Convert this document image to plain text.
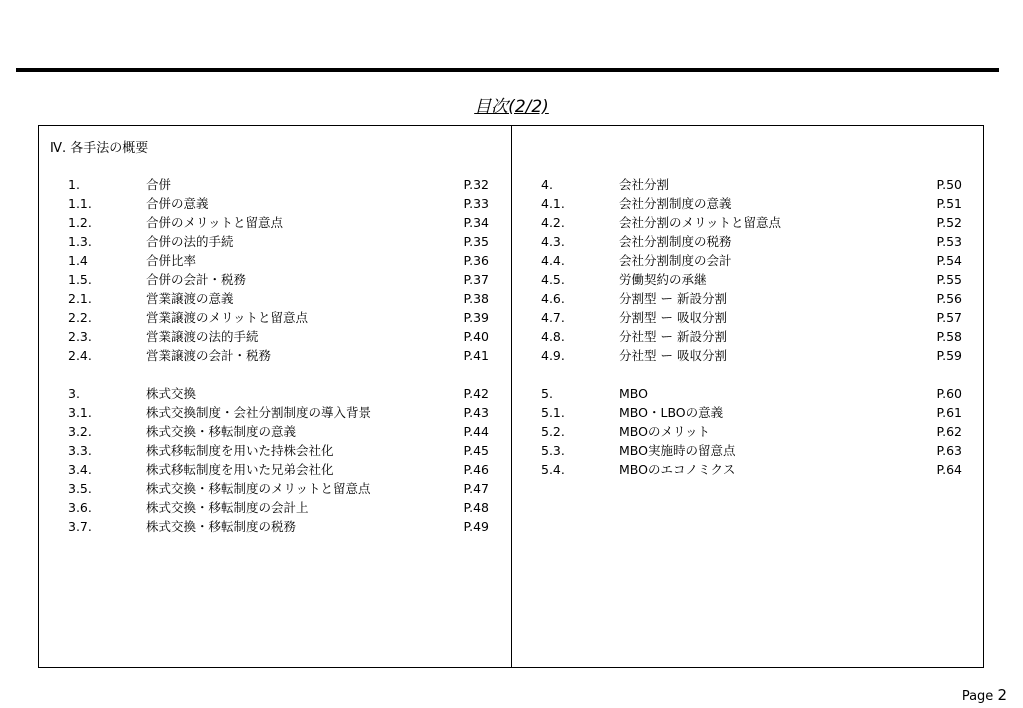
目次(2/2)
Ⅳ. 各手法の概要
1.	合併	P.32
1.1.	合併の意義	P.33
1.2.	合併のメリットと留意点	P.34
1.3.	合併の法的手続	P.35
1.4	合併比率	P.36
1.5.	合併の会計・税務	P.37
2.1.	営業譲渡の意義	P.38
2.2.	営業譲渡のメリットと留意点	P.39
2.3.	営業譲渡の法的手続	P.40
2.4.	営業譲渡の会計・税務	P.41
3.	株式交換	P.42
3.1.	株式交換制度・会社分割制度の導入背景	P.43
3.2.	株式交換・移転制度の意義	P.44
3.3.	株式移転制度を用いた持株会社化	P.45
3.4.	株式移転制度を用いた兄弟会社化	P.46
3.5.	株式交換・移転制度のメリットと留意点	P.47
3.6.	株式交換・移転制度の会計上	P.48
3.7.	株式交換・移転制度の税務	P.49
4.	会社分割	P.50
4.1.	会社分割制度の意義	P.51
4.2.	会社分割のメリットと留意点	P.52
4.3.	会社分割制度の税務	P.53
4.4.	会社分割制度の会計	P.54
4.5.	労働契約の承継	P.55
4.6.	分割型 ー 新設分割	P.56
4.7.	分割型 ー 吸収分割	P.57
4.8.	分社型 ー 新設分割	P.58
4.9.	分社型 ー 吸収分割	P.59
5.	MBO	P.60
5.1.	MBO・LBOの意義	P.61
5.2.	MBOのメリット	P.62
5.3.	MBO実施時の留意点	P.63
5.4.	MBOのエコノミクス	P.64
Page 2
